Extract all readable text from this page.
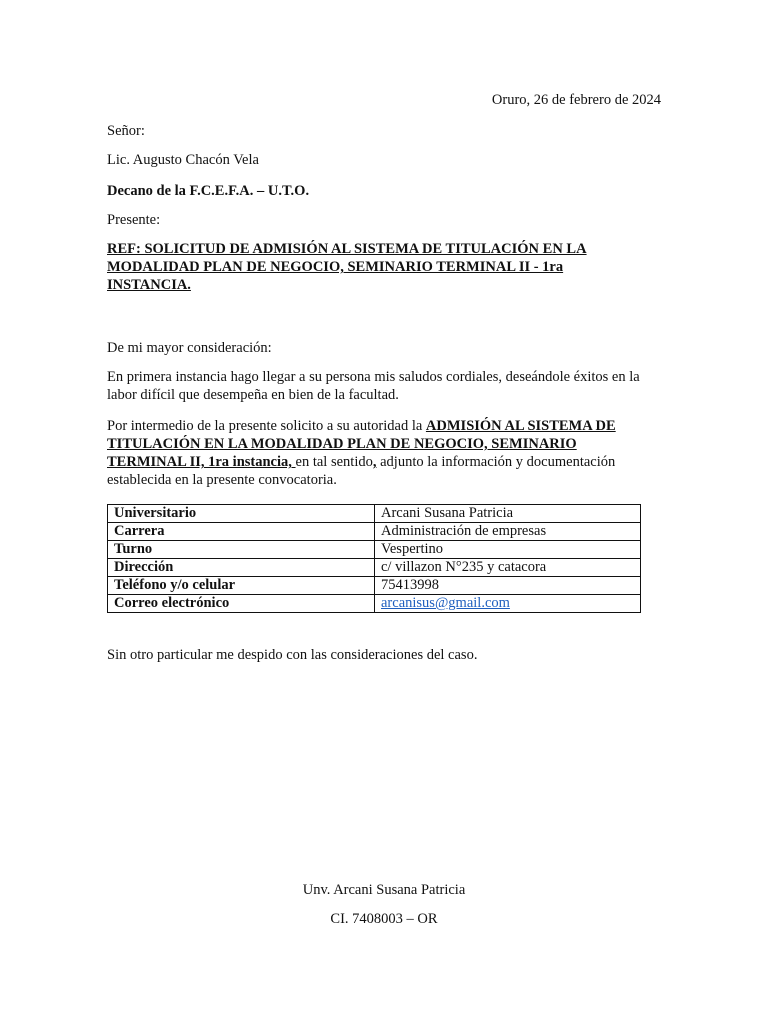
Oruro, 26 de febrero de 2024

Señor:

Lic. Augusto Chacón Vela

Decano de la F.C.E.F.A. – U.T.O.

Presente:

REF: SOLICITUD DE ADMISIÓN AL SISTEMA DE TITULACIÓN EN LA
MODALIDAD PLAN DE NEGOCIO, SEMINARIO TERMINAL II - 1ra
INSTANCIA.

De mi mayor consideración:

En primera instancia hago llegar a su persona mis saludos cordiales, deseándole éxitos en la
labor difícil que desempeña en bien de la facultad.
Por intermedio de la presente solicito a su autoridad la ADMISIÓN AL SISTEMA DE
TITULACIÓN EN LA MODALIDAD PLAN DE NEGOCIO, SEMINARIO
TERMINAL II, 1ra instancia, en tal sentido, adjunto la información y documentación
establecida en la presente convocatoria.
Universitario	Arcani Susana Patricia
Carrera	Administración de empresas
Turno	Vespertino
Dirección	c/ villazon N°235 y catacora
Teléfono y/o celular	75413998
Correo electrónico	arcanisus@gmail.com

Sin otro particular me despido con las consideraciones del caso.

Unv. Arcani Susana Patricia

CI. 7408003 – OR
